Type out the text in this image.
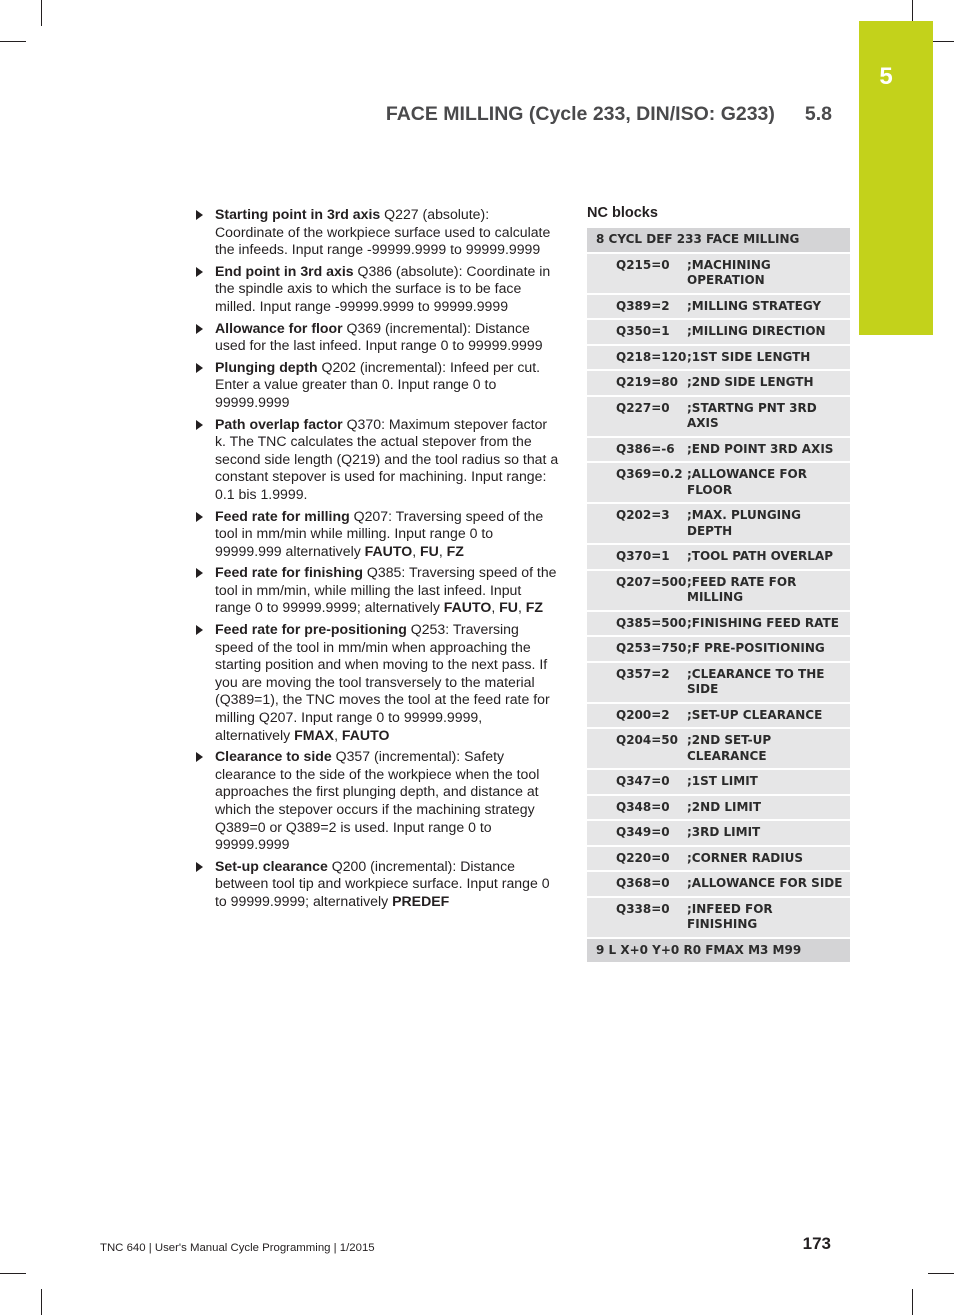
5
FACE MILLING (Cycle 233, DIN/ISO: G233) 5.8
Starting point in 3rd axis Q227 (absolute): Coordinate of the workpiece surface used to calculate the infeeds. Input range -99999.9999 to 99999.9999
End point in 3rd axis Q386 (absolute): Coordinate in the spindle axis to which the surface is to be face milled. Input range -99999.9999 to 99999.9999
Allowance for floor Q369 (incremental): Distance used for the last infeed. Input range 0 to 99999.9999
Plunging depth Q202 (incremental): Infeed per cut. Enter a value greater than 0. Input range 0 to 99999.9999
Path overlap factor Q370: Maximum stepover factor k. The TNC calculates the actual stepover from the second side length (Q219) and the tool radius so that a constant stepover is used for machining. Input range: 0.1 bis 1.9999.
Feed rate for milling Q207: Traversing speed of the tool in mm/min while milling. Input range 0 to 99999.999 alternatively FAUTO, FU, FZ
Feed rate for finishing Q385: Traversing speed of the tool in mm/min, while milling the last infeed. Input range 0 to 99999.9999; alternatively FAUTO, FU, FZ
Feed rate for pre-positioning Q253: Traversing speed of the tool in mm/min when approaching the starting position and when moving to the next pass. If you are moving the tool transversely to the material (Q389=1), the TNC moves the tool at the feed rate for milling Q207. Input range 0 to 99999.9999, alternatively FMAX, FAUTO
Clearance to side Q357 (incremental): Safety clearance to the side of the workpiece when the tool approaches the first plunging depth, and distance at which the stepover occurs if the machining strategy Q389=0 or Q389=2 is used. Input range 0 to 99999.9999
Set-up clearance Q200 (incremental): Distance between tool tip and workpiece surface. Input range 0 to 99999.9999; alternatively PREDEF
NC blocks
8 CYCL DEF 233 FACE MILLING
Q215=0	;MACHINING OPERATION
Q389=2	;MILLING STRATEGY
Q350=1	;MILLING DIRECTION
Q218=120 ;1ST SIDE LENGTH
Q219=80 ;2ND SIDE LENGTH
Q227=0	;STARTNG PNT 3RD AXIS
Q386=-6	;END POINT 3RD AXIS
Q369=0.2 ;ALLOWANCE FOR FLOOR
Q202=3	;MAX. PLUNGING DEPTH
Q370=1	;TOOL PATH OVERLAP
Q207=500 ;FEED RATE FOR MILLING
Q385=500 ;FINISHING FEED RATE
Q253=750 ;F PRE-POSITIONING
Q357=2	;CLEARANCE TO THE SIDE
Q200=2	;SET-UP CLEARANCE
Q204=50 ;2ND SET-UP CLEARANCE
Q347=0	;1ST LIMIT
Q348=0	;2ND LIMIT
Q349=0	;3RD LIMIT
Q220=0	;CORNER RADIUS
Q368=0	;ALLOWANCE FOR SIDE
Q338=0	;INFEED FOR FINISHING
9 L X+0 Y+0 R0 FMAX M3 M99
TNC 640 | User's Manual Cycle Programming | 1/2015	173
